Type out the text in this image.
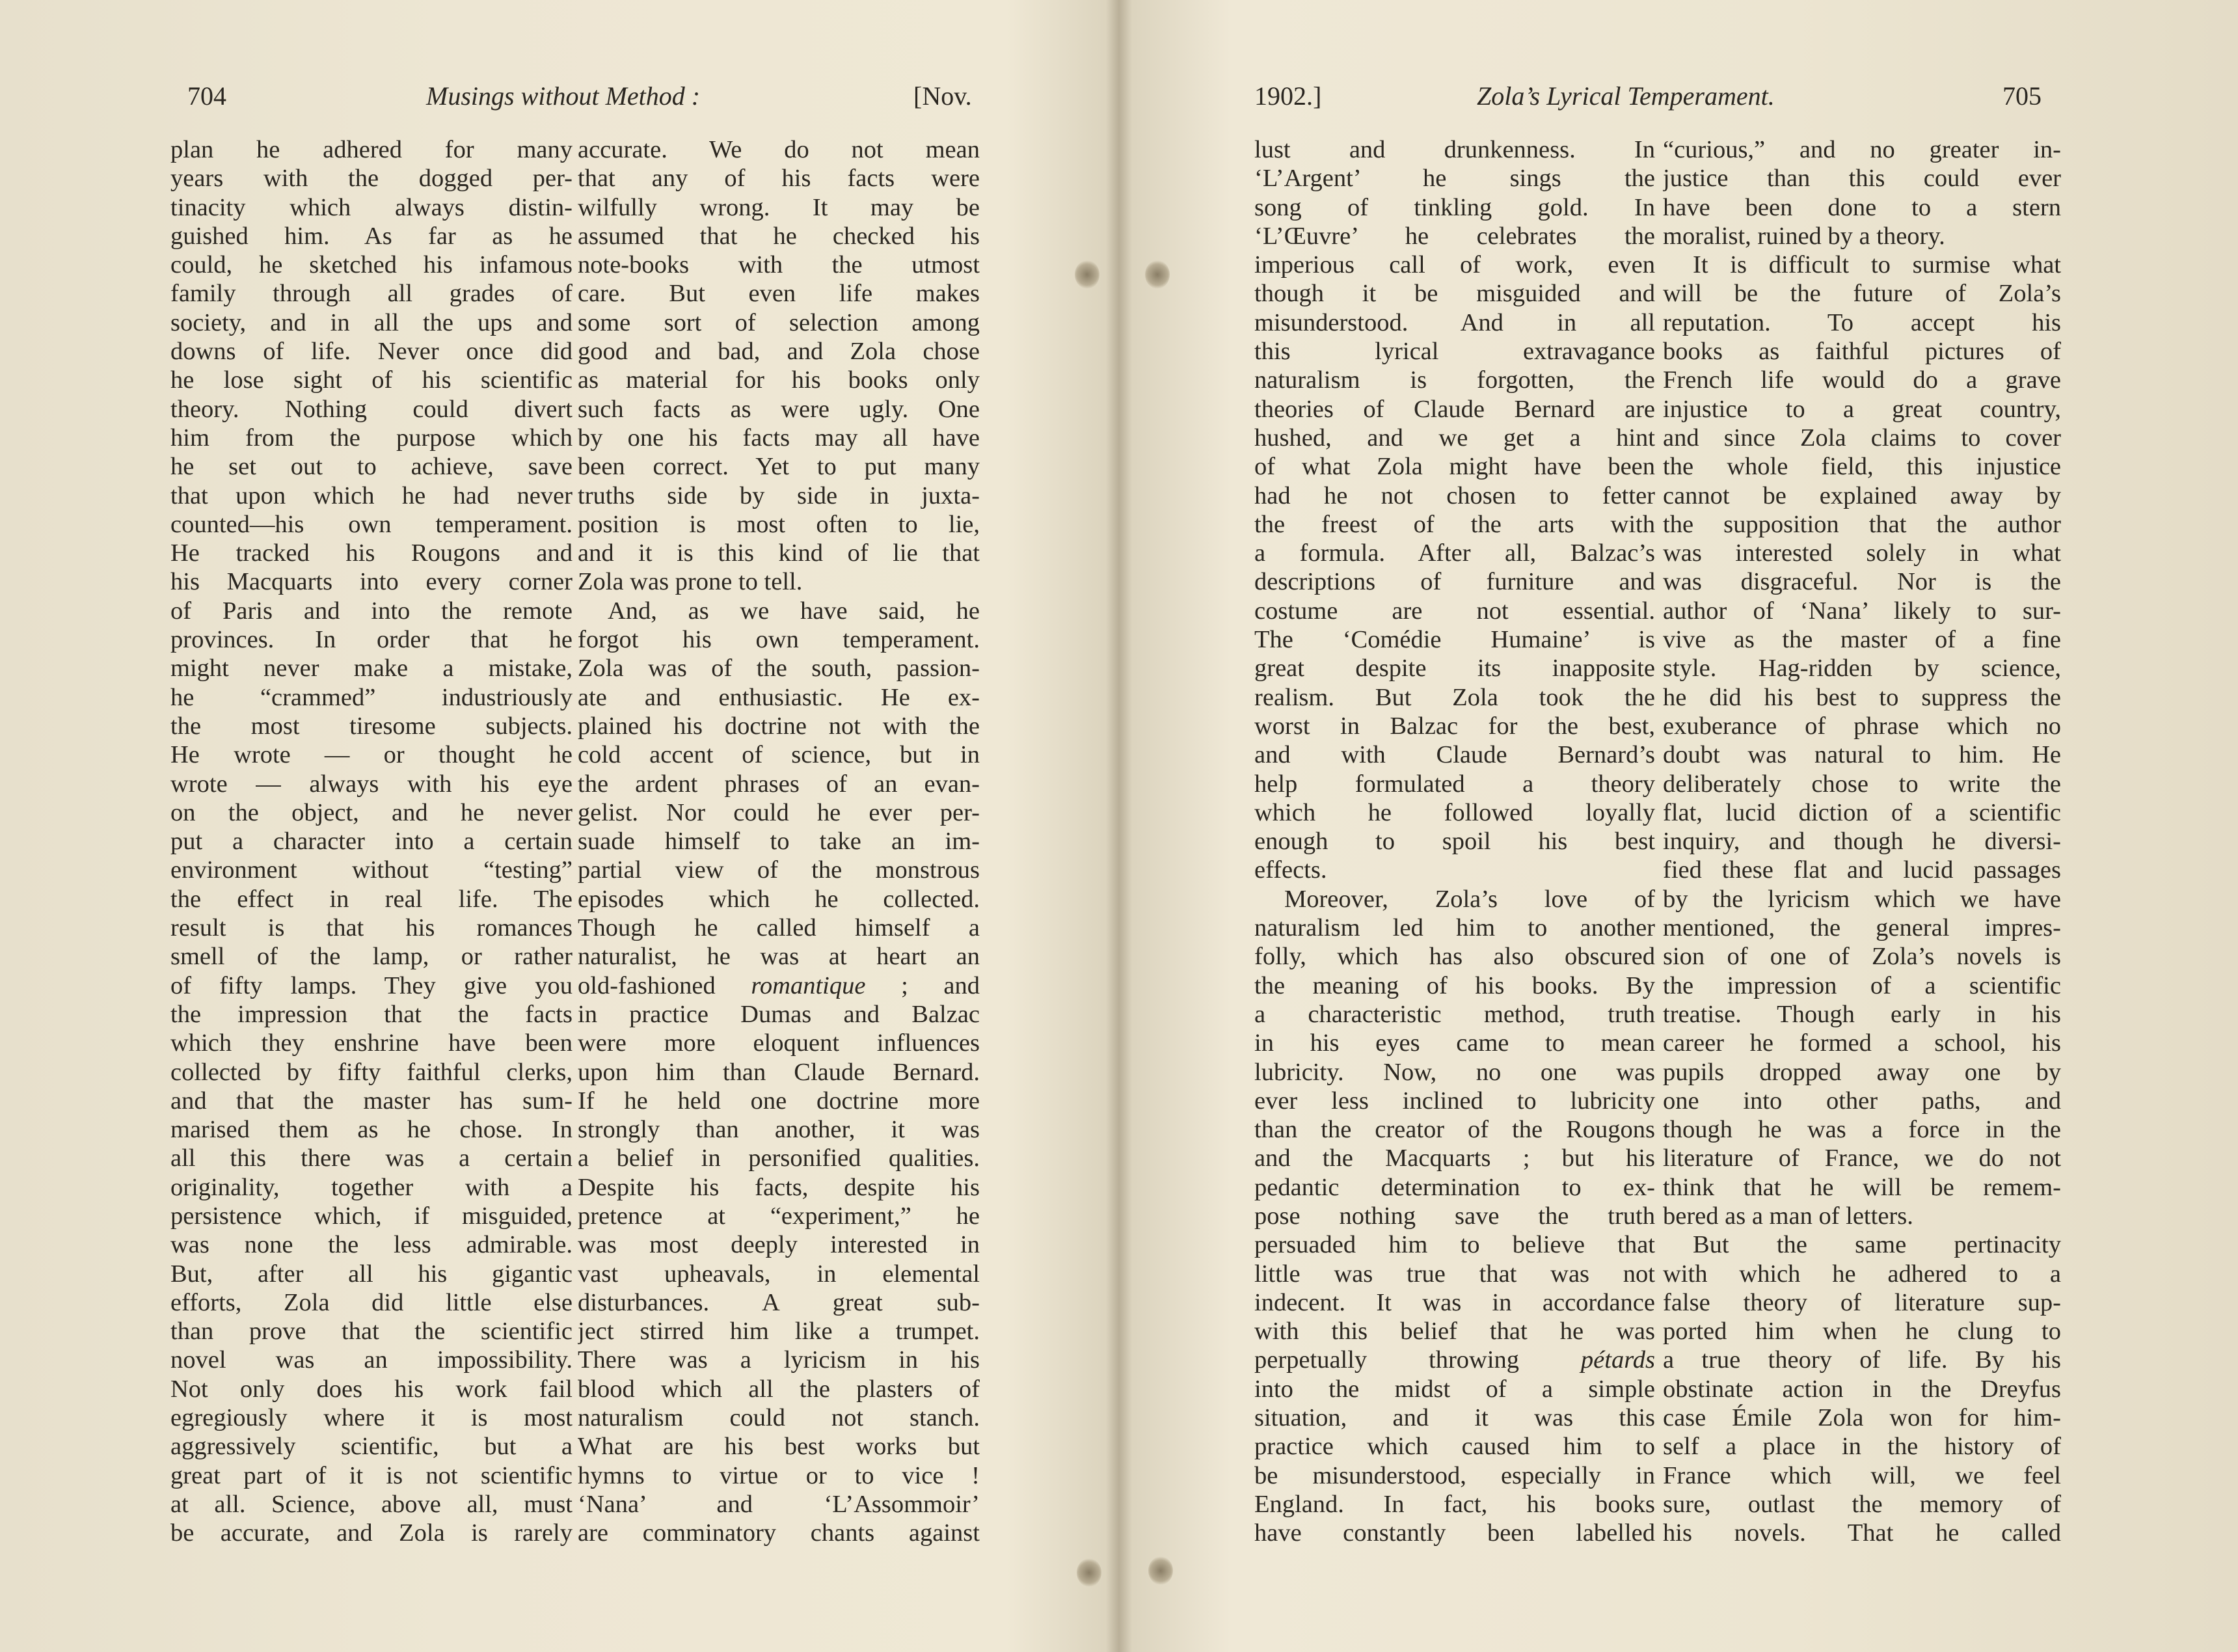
704	Musings without Method :	[Nov.
plan he adhered for many
years with the dogged per-
tinacity which always distin-
guished him. As far as he
could, he sketched his infamous
family through all grades of
society, and in all the ups and
downs of life. Never once did
he lose sight of his scientific
theory. Nothing could divert
him from the purpose which
he set out to achieve, save
that upon which he had never
counted—his own temperament.
He tracked his Rougons and
his Macquarts into every corner
of Paris and into the remote
provinces. In order that he
might never make a mistake,
he “crammed” industriously
the most tiresome subjects.
He wrote — or thought he
wrote — always with his eye
on the object, and he never
put a character into a certain
environment without “testing”
the effect in real life. The
result is that his romances
smell of the lamp, or rather
of fifty lamps. They give you
the impression that the facts
which they enshrine have been
collected by fifty faithful clerks,
and that the master has sum-
marised them as he chose. In
all this there was a certain
originality, together with a
persistence which, if misguided,
was none the less admirable.
But, after all his gigantic
efforts, Zola did little else
than prove that the scientific
novel was an impossibility.
Not only does his work fail
egregiously where it is most
aggressively scientific, but a
great part of it is not scientific
at all. Science, above all, must
be accurate, and Zola is rarely
accurate. We do not mean
that any of his facts were
wilfully wrong. It may be
assumed that he checked his
note-books with the utmost
care. But even life makes
some sort of selection among
good and bad, and Zola chose
as material for his books only
such facts as were ugly. One
by one his facts may all have
been correct. Yet to put many
truths side by side in juxta-
position is most often to lie,
and it is this kind of lie that
Zola was prone to tell.
And, as we have said, he
forgot his own temperament.
Zola was of the south, passion-
ate and enthusiastic. He ex-
plained his doctrine not with the
cold accent of science, but in
the ardent phrases of an evan-
gelist. Nor could he ever per-
suade himself to take an im-
partial view of the monstrous
episodes which he collected.
Though he called himself a
naturalist, he was at heart an
old-fashioned romantique ; and
in practice Dumas and Balzac
were more eloquent influences
upon him than Claude Bernard.
If he held one doctrine more
strongly than another, it was
a belief in personified qualities.
Despite his facts, despite his
pretence at “experiment,” he
was most deeply interested in
vast upheavals, in elemental
disturbances. A great sub-
ject stirred him like a trumpet.
There was a lyricism in his
blood which all the plasters of
naturalism could not stanch.
What are his best works but
hymns to virtue or to vice !
‘Nana’ and ‘L’Assommoir’
are comminatory chants against
1902.]	Zola’s Lyrical Temperament.	705
lust and drunkenness. In
‘L’Argent’ he sings the
song of tinkling gold. In
‘L’Œuvre’ he celebrates the
imperious call of work, even
though it be misguided and
misunderstood. And in all
this lyrical extravagance
naturalism is forgotten, the
theories of Claude Bernard are
hushed, and we get a hint
of what Zola might have been
had he not chosen to fetter
the freest of the arts with
a formula. After all, Balzac’s
descriptions of furniture and
costume are not essential.
The ‘Comédie Humaine’ is
great despite its inapposite
realism. But Zola took the
worst in Balzac for the best,
and with Claude Bernard’s
help formulated a theory
which he followed loyally
enough to spoil his best
effects.
Moreover, Zola’s love of
naturalism led him to another
folly, which has also obscured
the meaning of his books. By
a characteristic method, truth
in his eyes came to mean
lubricity. Now, no one was
ever less inclined to lubricity
than the creator of the Rougons
and the Macquarts ; but his
pedantic determination to ex-
pose nothing save the truth
persuaded him to believe that
little was true that was not
indecent. It was in accordance
with this belief that he was
perpetually throwing pétards
into the midst of a simple
situation, and it was this
practice which caused him to
be misunderstood, especially in
England. In fact, his books
have constantly been labelled
“curious,” and no greater in-
justice than this could ever
have been done to a stern
moralist, ruined by a theory.
It is difficult to surmise what
will be the future of Zola’s
reputation. To accept his
books as faithful pictures of
French life would do a grave
injustice to a great country,
and since Zola claims to cover
the whole field, this injustice
cannot be explained away by
the supposition that the author
was interested solely in what
was disgraceful. Nor is the
author of ‘Nana’ likely to sur-
vive as the master of a fine
style. Hag-ridden by science,
he did his best to suppress the
exuberance of phrase which no
doubt was natural to him. He
deliberately chose to write the
flat, lucid diction of a scientific
inquiry, and though he diversi-
fied these flat and lucid passages
by the lyricism which we have
mentioned, the general impres-
sion of one of Zola’s novels is
the impression of a scientific
treatise. Though early in his
career he formed a school, his
pupils dropped away one by
one into other paths, and
though he was a force in the
literature of France, we do not
think that he will be remem-
bered as a man of letters.
But the same pertinacity
with which he adhered to a
false theory of literature sup-
ported him when he clung to
a true theory of life. By his
obstinate action in the Dreyfus
case Émile Zola won for him-
self a place in the history of
France which will, we feel
sure, outlast the memory of
his novels. That he called
